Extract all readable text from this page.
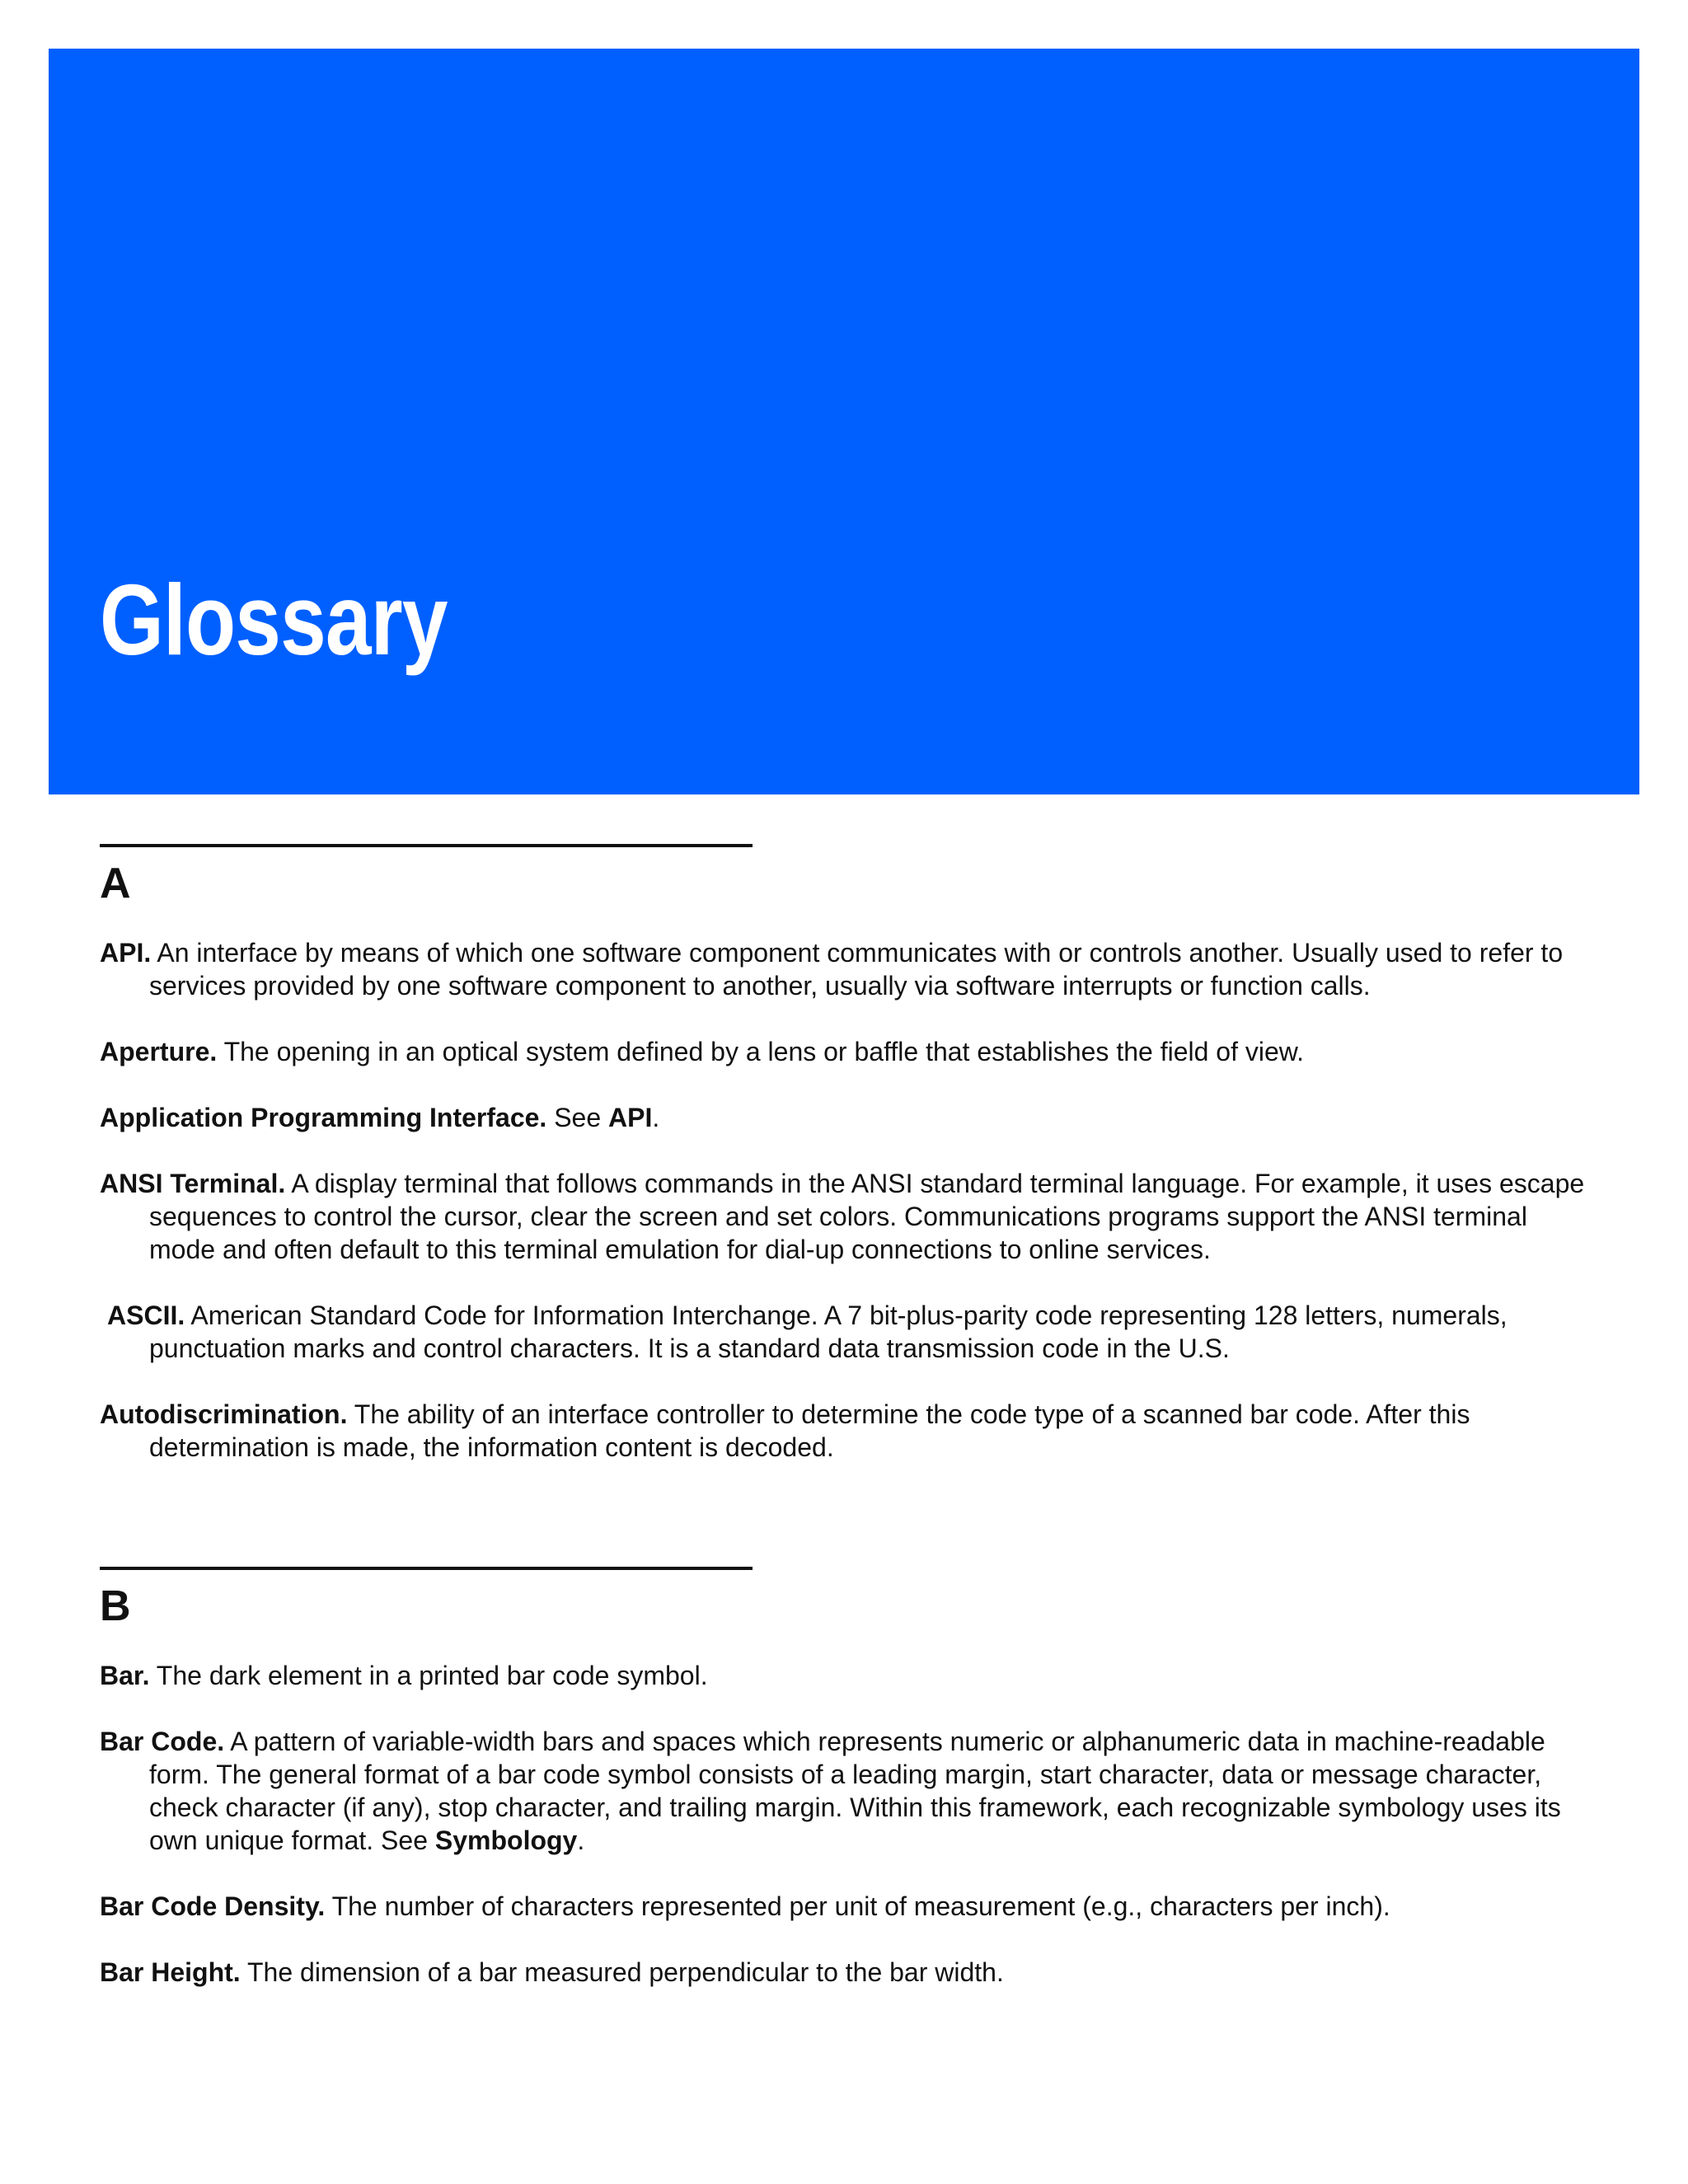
Glossary
A

API. An interface by means of which one software component communicates with or controls another. Usually used to refer to services provided by one software component to another, usually via software interrupts or function calls.

Aperture. The opening in an optical system defined by a lens or baffle that establishes the field of view.

Application Programming Interface. See API.

ANSI Terminal. A display terminal that follows commands in the ANSI standard terminal language. For example, it uses escape sequences to control the cursor, clear the screen and set colors. Communications programs support the ANSI terminal mode and often default to this terminal emulation for dial-up connections to online services.

ASCII. American Standard Code for Information Interchange. A 7 bit-plus-parity code representing 128 letters, numerals, punctuation marks and control characters. It is a standard data transmission code in the U.S.

Autodiscrimination. The ability of an interface controller to determine the code type of a scanned bar code. After this determination is made, the information content is decoded.

B

Bar. The dark element in a printed bar code symbol.

Bar Code. A pattern of variable-width bars and spaces which represents numeric or alphanumeric data in machine-readable form. The general format of a bar code symbol consists of a leading margin, start character, data or message character, check character (if any), stop character, and trailing margin. Within this framework, each recognizable symbology uses its own unique format. See Symbology.

Bar Code Density. The number of characters represented per unit of measurement (e.g., characters per inch).

Bar Height. The dimension of a bar measured perpendicular to the bar width.
